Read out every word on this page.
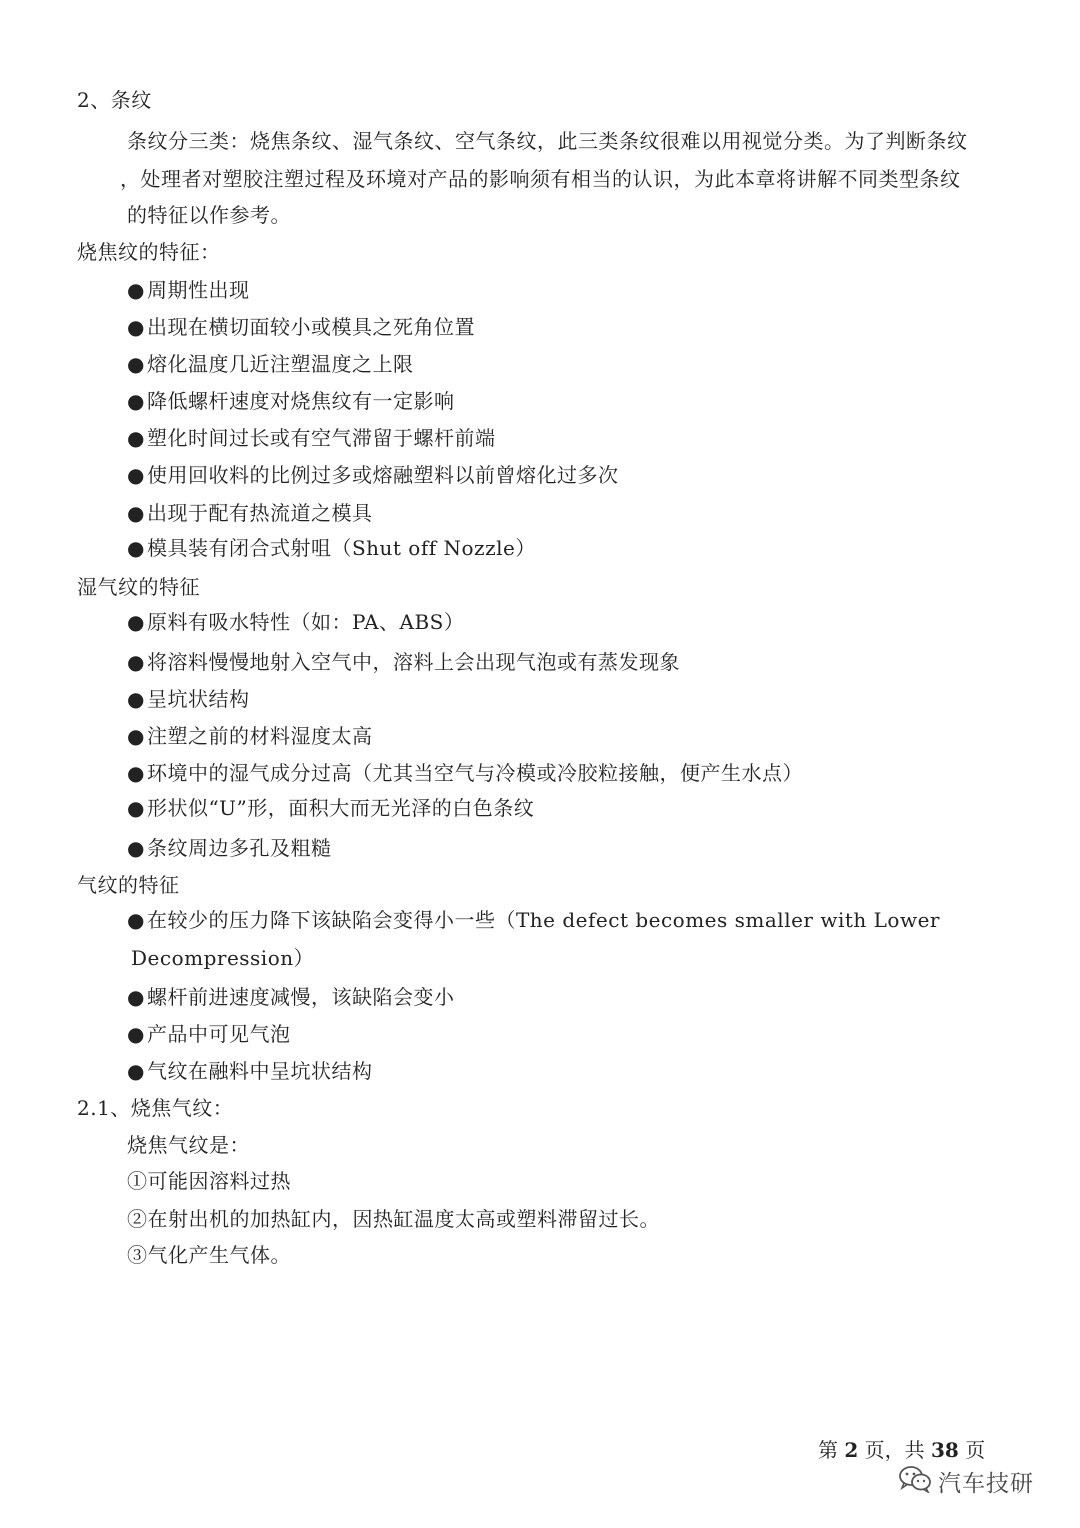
2、条纹
条纹分三类：烧焦条纹、湿气条纹、空气条纹，此三类条纹很难以用视觉分类。为了判断条纹
，处理者对塑胶注塑过程及环境对产品的影响须有相当的认识，为此本章将讲解不同类型条纹
的特征以作参考。
烧焦纹的特征：
● 周期性出现
● 出现在横切面较小或模具之死角位置
● 熔化温度几近注塑温度之上限
● 降低螺杆速度对烧焦纹有一定影响
● 塑化时间过长或有空气滞留于螺杆前端
● 使用回收料的比例过多或熔融塑料以前曾熔化过多次
● 出现于配有热流道之模具
● 模具装有闭合式射咀（Shut off Nozzle）
湿气纹的特征
● 原料有吸水特性（如：PA、ABS）
● 将溶料慢慢地射入空气中，溶料上会出现气泡或有蒸发现象
● 呈坑状结构
● 注塑之前的材料湿度太高
● 环境中的湿气成分过高（尤其当空气与冷模或冷胶粒接触，便产生水点）
● 形状似“U”形，面积大而无光泽的白色条纹
● 条纹周边多孔及粗糙
气纹的特征
● 在较少的压力降下该缺陷会变得小一些（The defect becomes smaller with Lower
Decompression）
● 螺杆前进速度减慢，该缺陷会变小
● 产品中可见气泡
● 气纹在融料中呈坑状结构
2.1、烧焦气纹：
烧焦气纹是：
①可能因溶料过热
②在射出机的加热缸内，因热缸温度太高或塑料滞留过长。
③气化产生气体。
第 2 页，共 38 页
汽车技研
